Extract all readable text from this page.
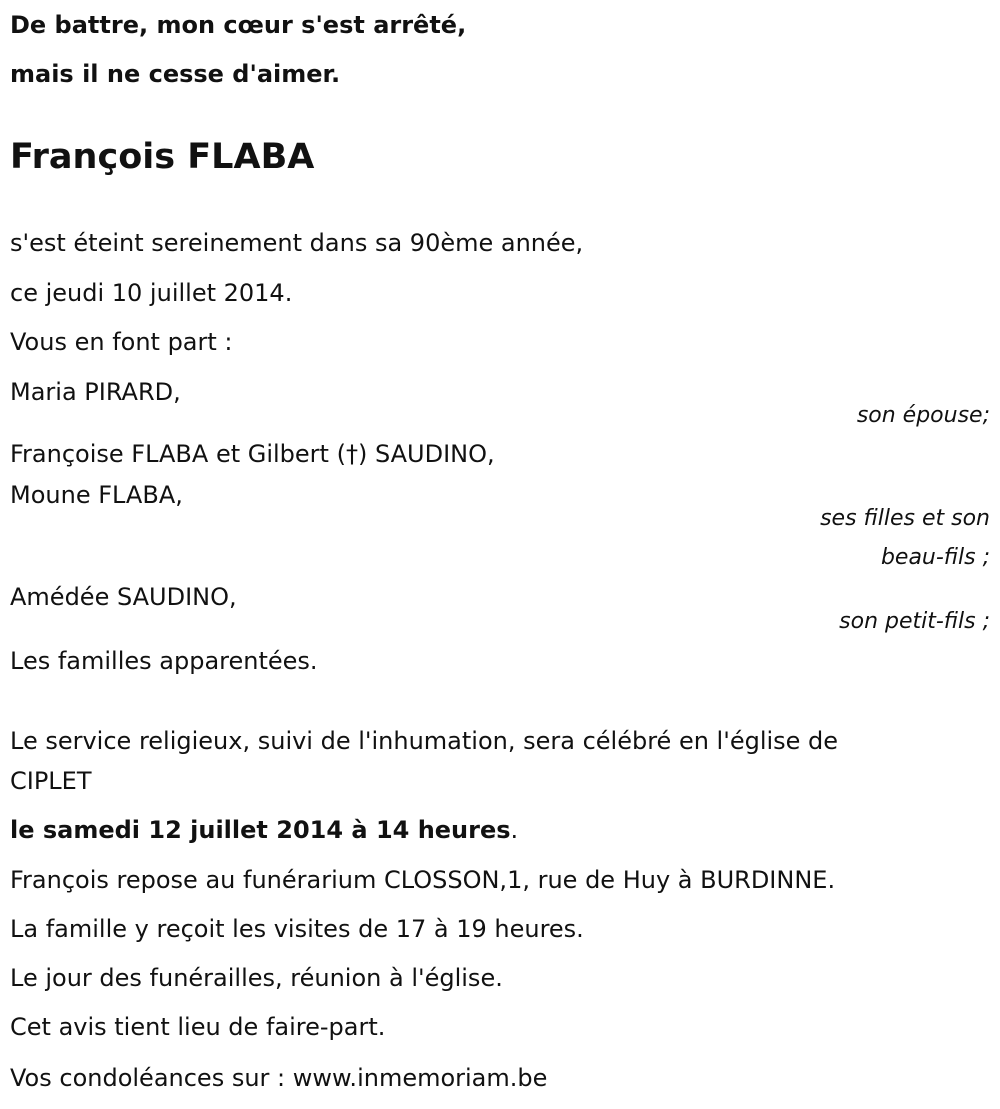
De battre, mon cœur s'est arrêté,
mais il ne cesse d'aimer.
François FLABA
s'est éteint sereinement dans sa 90ème année,
ce jeudi 10 juillet 2014.
Vous en font part :
Maria PIRARD,
son épouse;
Françoise FLABA et Gilbert (†) SAUDINO,
Moune FLABA,
ses filles et son
beau-fils ;
Amédée SAUDINO,
son petit-fils ;
Les familles apparentées.
Le service religieux, suivi de l'inhumation, sera célébré en l'église de
CIPLET
le samedi 12 juillet 2014 à 14 heures.
François repose au funérarium CLOSSON,1, rue de Huy à BURDINNE.
La famille y reçoit les visites de 17 à 19 heures.
Le jour des funérailles, réunion à l'église.
Cet avis tient lieu de faire-part.
Vos condoléances sur : www.inmemoriam.be
